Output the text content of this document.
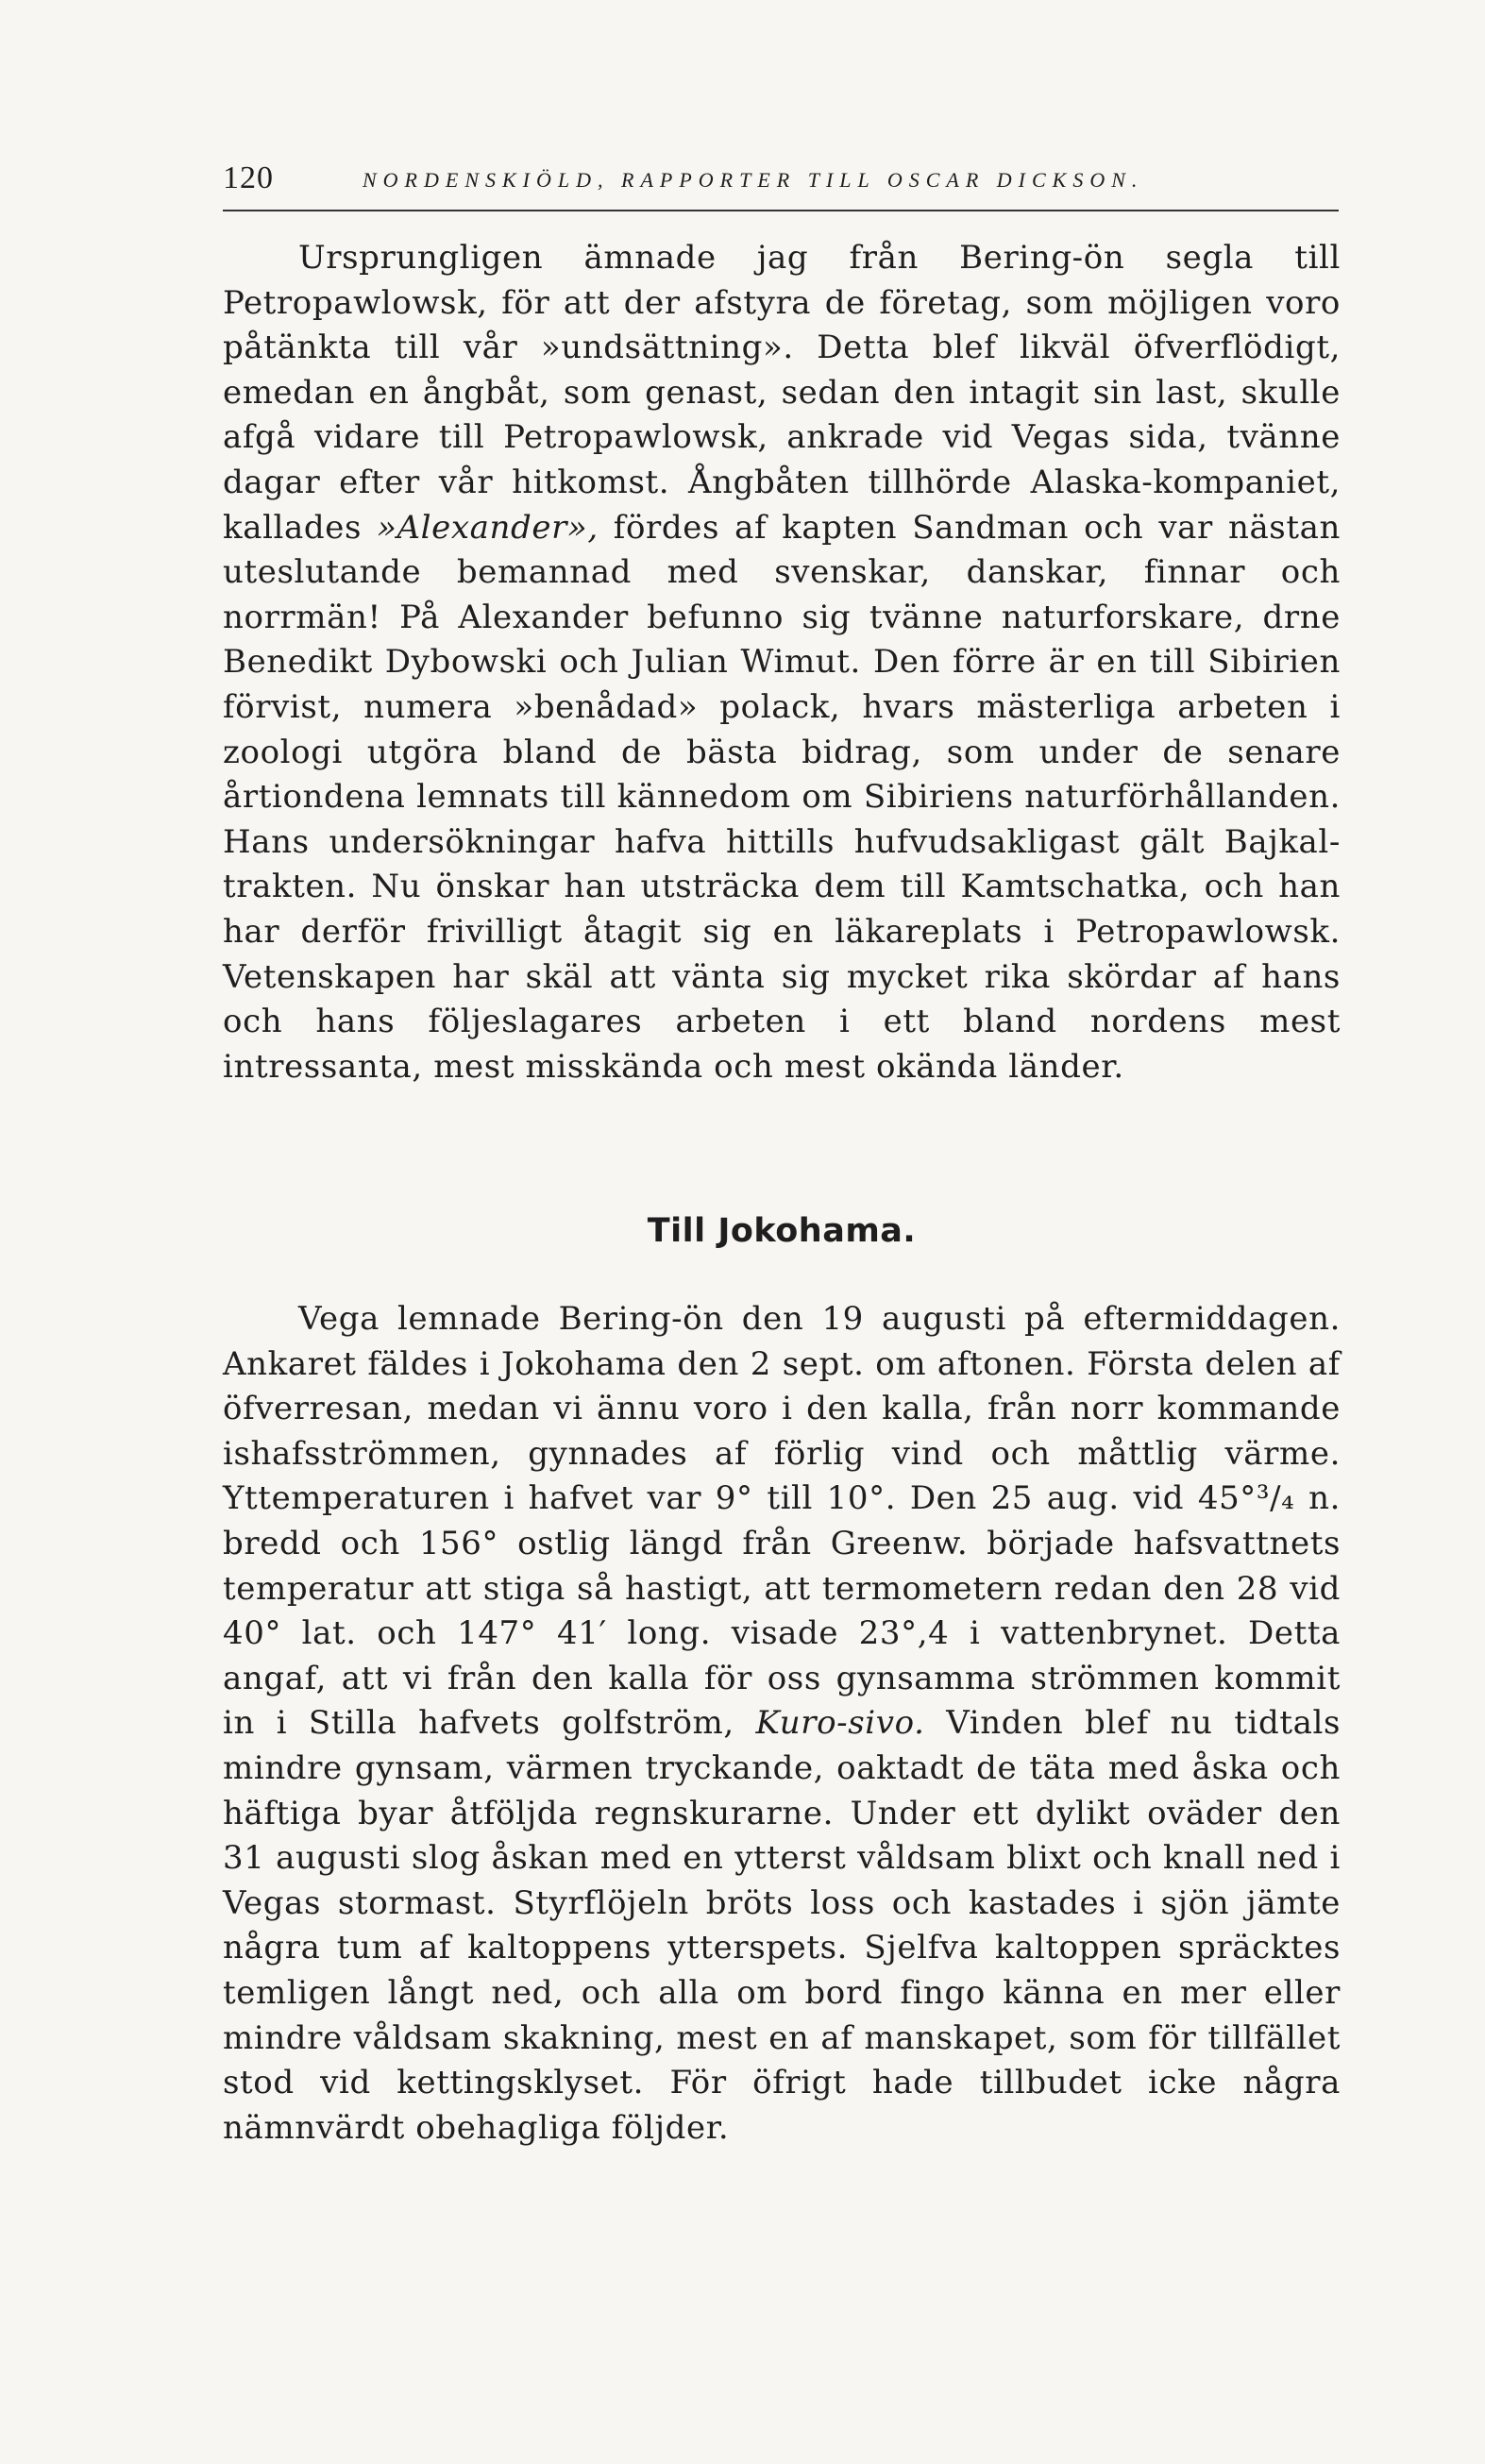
120	NORDENSKIÖLD, RAPPORTER TILL OSCAR DICKSON.

Ursprungligen ämnade jag från Bering-ön segla till Petropawlowsk, för att der afstyra de företag, som möjligen voro påtänkta till vår »undsättning». Detta blef likväl öfverflödigt, emedan en ångbåt, som genast, sedan den intagit sin last, skulle afgå vidare till Petropawlowsk, ankrade vid Vegas sida, tvänne dagar efter vår hitkomst. Ångbåten tillhörde Alaska-kompaniet, kallades »Alexander», fördes af kapten Sandman och var nästan uteslutande bemannad med svenskar, danskar, finnar och norrmän! På Alexander befunno sig tvänne naturforskare, drne Benedikt Dybowski och Julian Wimut. Den förre är en till Sibirien förvist, numera »benådad» polack, hvars mästerliga arbeten i zoologi utgöra bland de bästa bidrag, som under de senare årtiondena lemnats till kännedom om Sibiriens naturförhållanden. Hans undersökningar hafva hittills hufvudsakligast gält Bajkal-trakten. Nu önskar han utsträcka dem till Kamtschatka, och han har derför frivilligt åtagit sig en läkareplats i Petropawlowsk. Vetenskapen har skäl att vänta sig mycket rika skördar af hans och hans följeslagares arbeten i ett bland nordens mest intressanta, mest misskända och mest okända länder.

Till Jokohama.

Vega lemnade Bering-ön den 19 augusti på eftermiddagen. Ankaret fäldes i Jokohama den 2 sept. om aftonen. Första delen af öfverresan, medan vi ännu voro i den kalla, från norr kommande ishafsströmmen, gynnades af förlig vind och måttlig värme. Yttemperaturen i hafvet var 9° till 10°. Den 25 aug. vid 45°³/₄ n. bredd och 156° ostlig längd från Greenw. började hafsvattnets temperatur att stiga så hastigt, att termometern redan den 28 vid 40° lat. och 147° 41′ long. visade 23°,4 i vattenbrynet. Detta angaf, att vi från den kalla för oss gynsamma strömmen kommit in i Stilla hafvets golfström, Kuro-sivo. Vinden blef nu tidtals mindre gynsam, värmen tryckande, oaktadt de täta med åska och häftiga byar åtföljda regnskurarne. Under ett dylikt oväder den 31 augusti slog åskan med en ytterst våldsam blixt och knall ned i Vegas stormast. Styrflöjeln bröts loss och kastades i sjön jämte några tum af kaltoppens ytterspets. Sjelfva kaltoppen spräcktes temligen långt ned, och alla om bord fingo känna en mer eller mindre våldsam skakning, mest en af manskapet, som för tillfället stod vid kettingsklyset. För öfrigt hade tillbudet icke några nämnvärdt obehagliga följder.
